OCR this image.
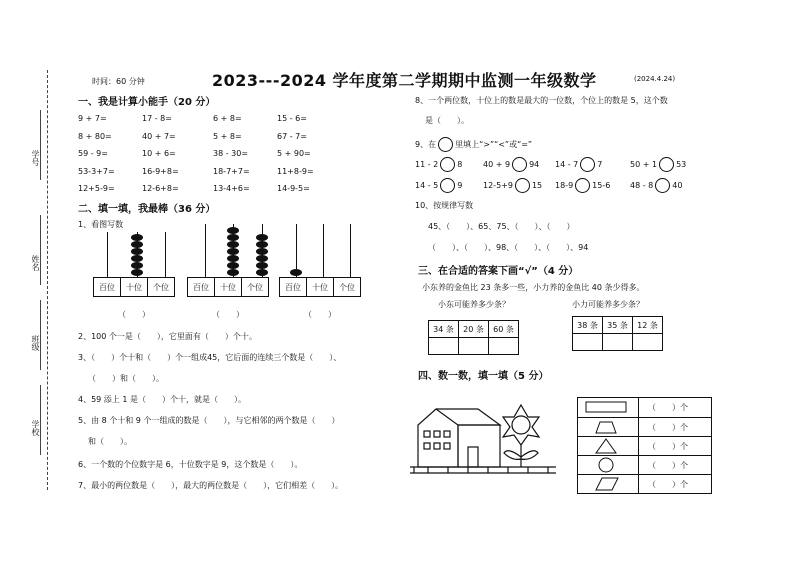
学号
姓名
班级
学校
2023---2024 学年度第二学期期中监测一年级数学	(2024.4.24)
时间：60 分钟
一、我是计算小能手（20 分）
9 + 7=	17 - 8=	6 + 8=	15 - 6=
8 + 80=	40 + 7=	5 + 8=	67 - 7=
59 - 9=	10 + 6=	38 - 30=	5 + 90=
53-3+7=	16-9+8=	18-7+7=	11+8-9=
12+5-9=	12-6+8=	13-4+6=	14-9-5=
二、填一填，我最棒（36 分）
1、看图写数
百位	十位	个位
（　　）
百位	十位	个位
（　　）
百位	十位	个位
（　　）
2、100 个一是（　　），它里面有（　　）个十。
3、（　　）个十和（　　）个一组成45，它后面的连续三个数是（　　）、
（　　）和（　　）。
4、59 添上 1 是（　　）个十，就是（　　）。
5、由 8 个十和 9 个一组成的数是（　　），与它相邻的两个数是（　　）
和（　　）。
6、一个数的个位数字是 6，十位数字是 9，这个数是（　　）。
7、最小的两位数是（　　），最大的两位数是（　　），它们相差（　　）。
8、一个两位数，十位上的数是最大的一位数，个位上的数是 5，这个数
是（　　）。
9、在 里填上“>”“<”或“=”
11 - 2 8	40 + 9 94 14 - 7 7	50 + 1 53
14 - 5 9	12-5+9 15 18-9 15-6 48 - 8 40
10、按规律写数
45、（　　）、65、75、（　　）、（　　）
（　　）、（　　）、98、（　　）、（　　）、94
三、在合适的答案下画“√”（4 分）
小东养的金鱼比 23 条多一些，小力养的金鱼比 40 条少得多。
小东可能养多少条？	小力可能养多少条？
34 条	20 条	60 条
			38 条	35 条	12 条

四、数一数，填一填（5 分）
（　　）个
（　　）个
（　　）个
（　　）个
（　　）个
